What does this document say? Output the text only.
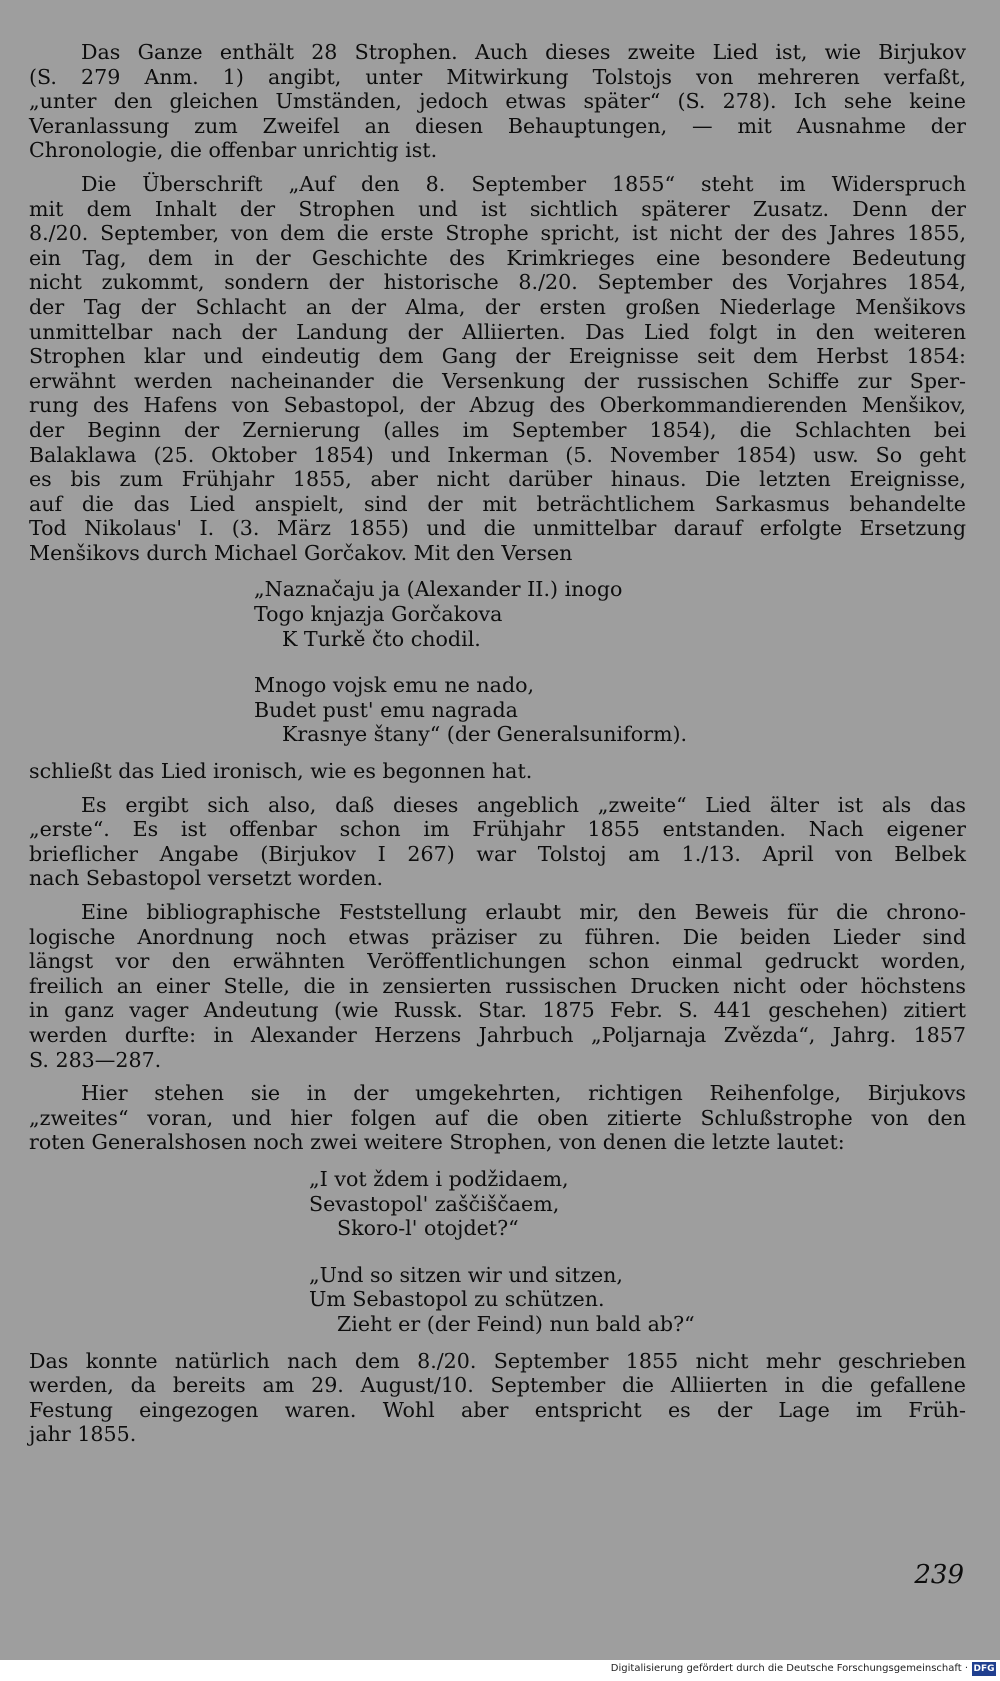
Das Ganze enthält 28 Strophen. Auch dieses zweite Lied ist, wie Birjukov
(S. 279 Anm. 1) angibt, unter Mitwirkung Tolstojs von mehreren verfaßt,
„unter den gleichen Umständen, jedoch etwas später“ (S. 278). Ich sehe keine
Veranlassung zum Zweifel an diesen Behauptungen, — mit Ausnahme der
Chronologie, die offenbar unrichtig ist.
Die Überschrift „Auf den 8. September 1855“ steht im Widerspruch
mit dem Inhalt der Strophen und ist sichtlich späterer Zusatz. Denn der
8./20. September, von dem die erste Strophe spricht, ist nicht der des Jahres 1855,
ein Tag, dem in der Geschichte des Krimkrieges eine besondere Bedeutung
nicht zukommt, sondern der historische 8./20. September des Vorjahres 1854,
der Tag der Schlacht an der Alma, der ersten großen Niederlage Menšikovs
unmittelbar nach der Landung der Alliierten. Das Lied folgt in den weiteren
Strophen klar und eindeutig dem Gang der Ereignisse seit dem Herbst 1854:
erwähnt werden nacheinander die Versenkung der russischen Schiffe zur Sper-
rung des Hafens von Sebastopol, der Abzug des Oberkommandierenden Menšikov,
der Beginn der Zernierung (alles im September 1854), die Schlachten bei
Balaklawa (25. Oktober 1854) und Inkerman (5. November 1854) usw. So geht
es bis zum Frühjahr 1855, aber nicht darüber hinaus. Die letzten Ereignisse,
auf die das Lied anspielt, sind der mit beträchtlichem Sarkasmus behandelte
Tod Nikolaus' I. (3. März 1855) und die unmittelbar darauf erfolgte Ersetzung
Menšikovs durch Michael Gorčakov. Mit den Versen
„Naznačaju ja (Alexander II.) inogo
Togo knjazja Gorčakova
K Turkě čto chodil.
Mnogo vojsk emu ne nado,
Budet pust' emu nagrada
Krasnye štany“ (der Generalsuniform).
schließt das Lied ironisch, wie es begonnen hat.
Es ergibt sich also, daß dieses angeblich „zweite“ Lied älter ist als das
„erste“. Es ist offenbar schon im Frühjahr 1855 entstanden. Nach eigener
brieflicher Angabe (Birjukov I 267) war Tolstoj am 1./13. April von Belbek
nach Sebastopol versetzt worden.
Eine bibliographische Feststellung erlaubt mir, den Beweis für die chrono-
logische Anordnung noch etwas präziser zu führen. Die beiden Lieder sind
längst vor den erwähnten Veröffentlichungen schon einmal gedruckt worden,
freilich an einer Stelle, die in zensierten russischen Drucken nicht oder höchstens
in ganz vager Andeutung (wie Russk. Star. 1875 Febr. S. 441 geschehen) zitiert
werden durfte: in Alexander Herzens Jahrbuch „Poljarnaja Zvězda“, Jahrg. 1857
S. 283—287.
Hier stehen sie in der umgekehrten, richtigen Reihenfolge, Birjukovs
„zweites“ voran, und hier folgen auf die oben zitierte Schlußstrophe von den
roten Generalshosen noch zwei weitere Strophen, von denen die letzte lautet:
„I vot ždem i podžidaem,
Sevastopol' zaščiščaem,
Skoro-l' otojdet?“
„Und so sitzen wir und sitzen,
Um Sebastopol zu schützen.
Zieht er (der Feind) nun bald ab?“
Das konnte natürlich nach dem 8./20. September 1855 nicht mehr geschrieben
werden, da bereits am 29. August/10. September die Alliierten in die gefallene
Festung eingezogen waren. Wohl aber entspricht es der Lage im Früh-
jahr 1855.
239
Digitalisierung gefördert durch die Deutsche Forschungsgemeinschaft · DFG
